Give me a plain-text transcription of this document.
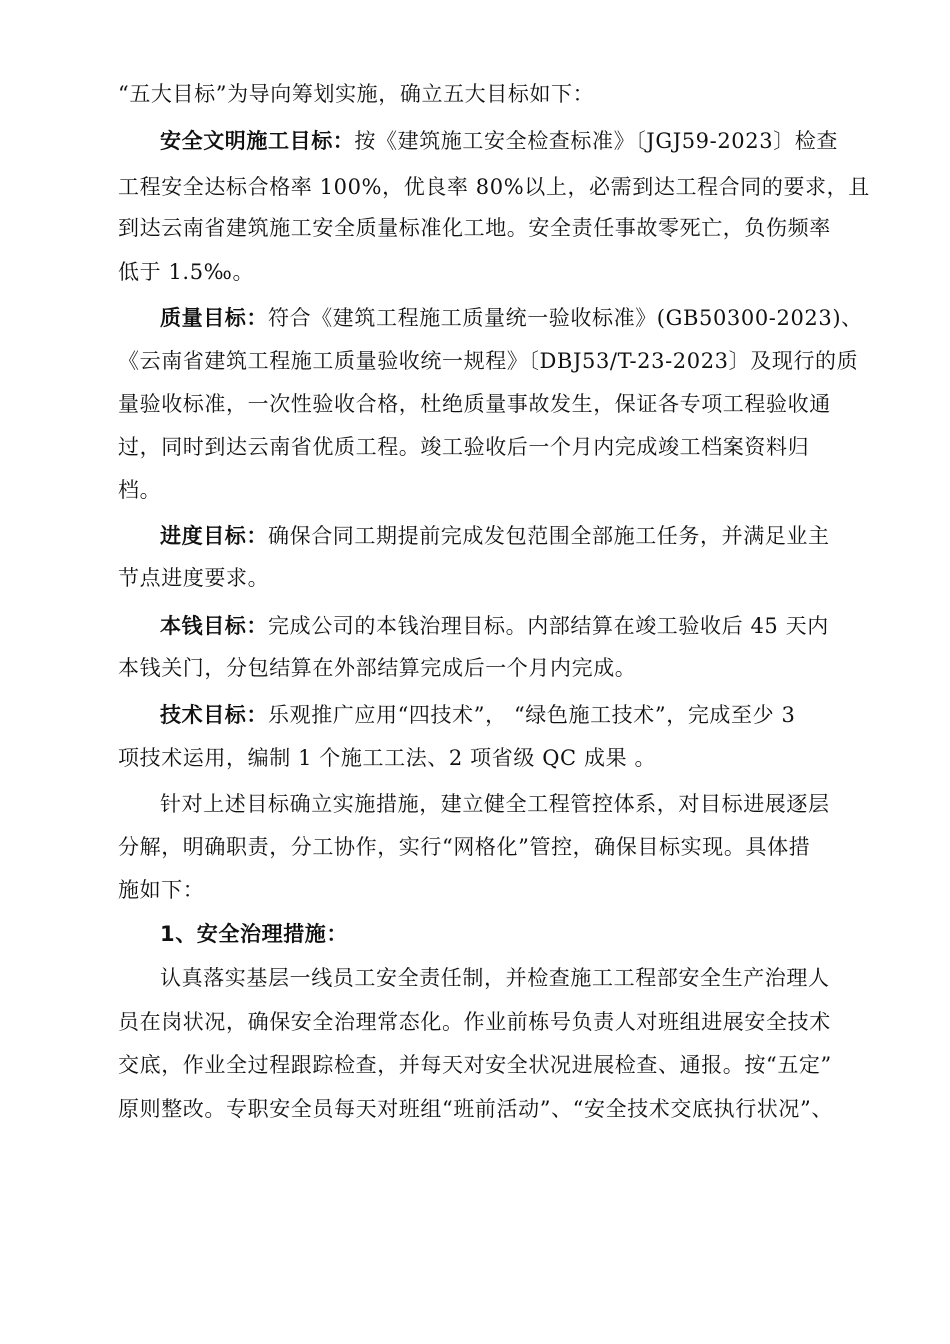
“五大目标”为导向筹划实施，确立五大目标如下：
安全文明施工目标：按《建筑施工安全检查标准》〔JGJ59-2023〕检查
工程安全达标合格率 100%，优良率 80%以上，必需到达工程合同的要求，且
到达云南省建筑施工安全质量标准化工地。安全责任事故零死亡，负伤频率
低于 1.5‰。
质量目标：符合《建筑工程施工质量统一验收标准》(GB50300-2023)、
《云南省建筑工程施工质量验收统一规程》〔DBJ53/T-23-2023〕及现行的质
量验收标准，一次性验收合格，杜绝质量事故发生，保证各专项工程验收通
过，同时到达云南省优质工程。竣工验收后一个月内完成竣工档案资料归
档。
进度目标：确保合同工期提前完成发包范围全部施工任务，并满足业主
节点进度要求。
本钱目标：完成公司的本钱治理目标。内部结算在竣工验收后 45 天内
本钱关门，分包结算在外部结算完成后一个月内完成。
技术目标：乐观推广应用“四技术”， “绿色施工技术”，完成至少 3
项技术运用，编制 1 个施工工法、2 项省级 QC 成果 。
针对上述目标确立实施措施，建立健全工程管控体系，对目标进展逐层
分解，明确职责，分工协作，实行“网格化”管控，确保目标实现。具体措
施如下：
1、安全治理措施：
认真落实基层一线员工安全责任制，并检查施工工程部安全生产治理人
员在岗状况，确保安全治理常态化。作业前栋号负责人对班组进展安全技术
交底，作业全过程跟踪检查，并每天对安全状况进展检查、通报。按“五定”
原则整改。专职安全员每天对班组“班前活动”、“安全技术交底执行状况”、
